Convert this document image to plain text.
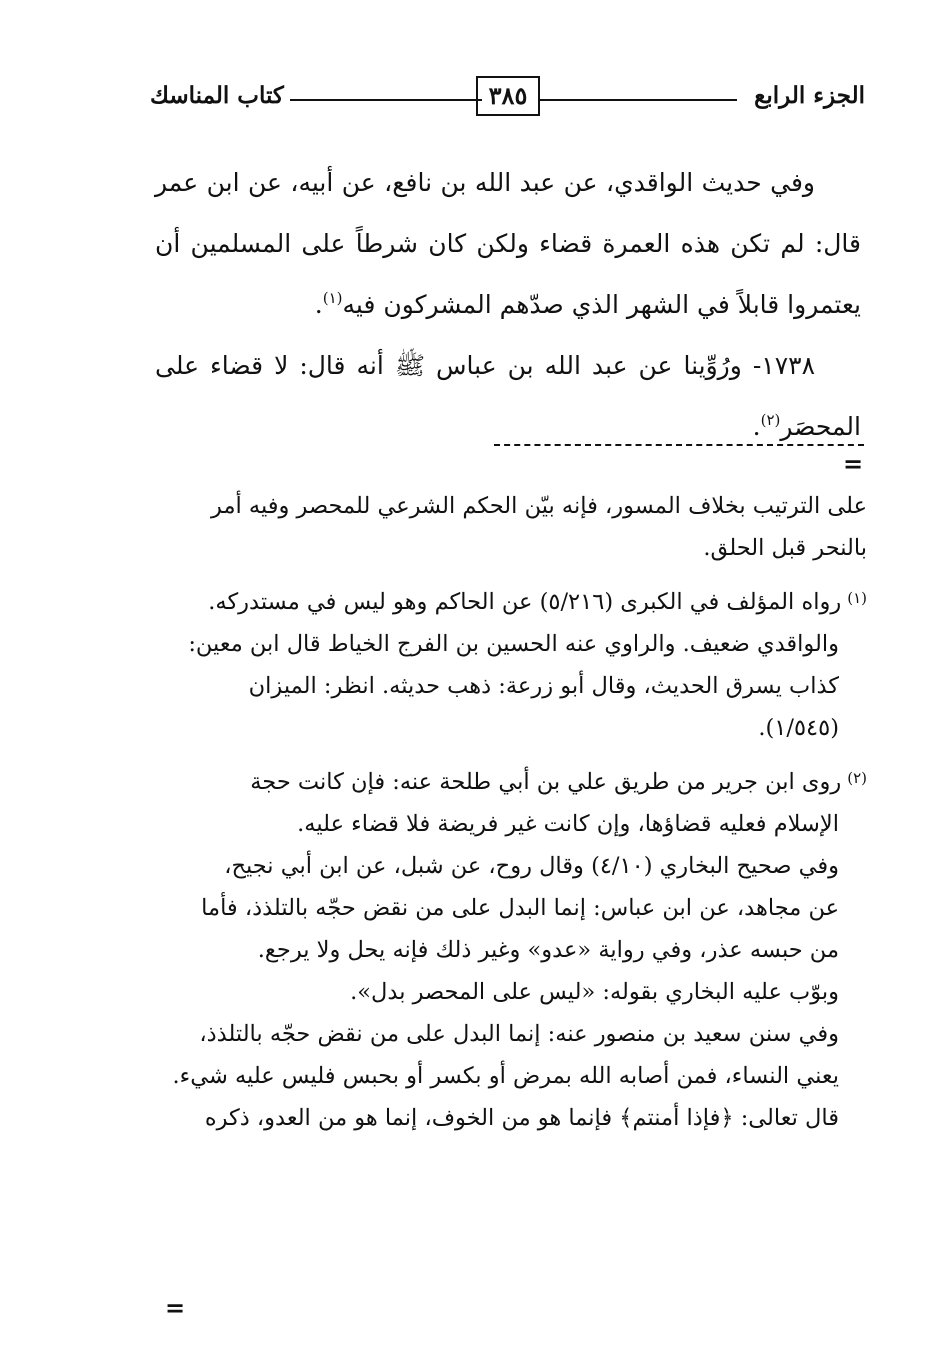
الجزء الرابع
٣٨٥
كتاب المناسك

وفي حديث الواقدي، عن عبد الله بن نافع، عن أبيه، عن ابن عمر قال: لم تكن هذه العمرة قضاء ولكن كان شرطاً على المسلمين أن يعتمروا قابلاً في الشهر الذي صدّهم المشركون فيه$^{(١)}$.

١٧٣٨- ورُوِّينا عن عبد الله بن عباس ﷺ أنه قال: لا قضاء على المحصَر$^{(٢)}$.

=

على الترتيب بخلاف المسور، فإنه بيّن الحكم الشرعي للمحصر وفيه أمر

بالنحر قبل الحلق.

$^{(١)}$رواه المؤلف في الكبرى (٥/٢١٦) عن الحاكم وهو ليس في مستدركه.

والواقدي ضعيف. والراوي عنه الحسين بن الفرج الخياط قال ابن معين:

كذاب يسرق الحديث، وقال أبو زرعة: ذهب حديثه. انظر: الميزان

(١/٥٤٥).

$^{(٢)}$روى ابن جرير من طريق علي بن أبي طلحة عنه: فإن كانت حجة

الإسلام فعليه قضاؤها، وإن كانت غير فريضة فلا قضاء عليه.

وفي صحيح البخاري (٤/١٠) وقال روح، عن شبل، عن ابن أبي نجيح،

عن مجاهد، عن ابن عباس: إنما البدل على من نقض حجّه بالتلذذ، فأما

من حبسه عذر، وفي رواية «عدو» وغير ذلك فإنه يحل ولا يرجع.

وبوّب عليه البخاري بقوله: «ليس على المحصر بدل».

وفي سنن سعيد بن منصور عنه: إنما البدل على من نقض حجّه بالتلذذ،

يعني النساء، فمن أصابه الله بمرض أو بكسر أو بحبس فليس عليه شيء.

قال تعالى: ﴿فإذا أمنتم﴾ فإنما هو من الخوف، إنما هو من العدو، ذكره

=
